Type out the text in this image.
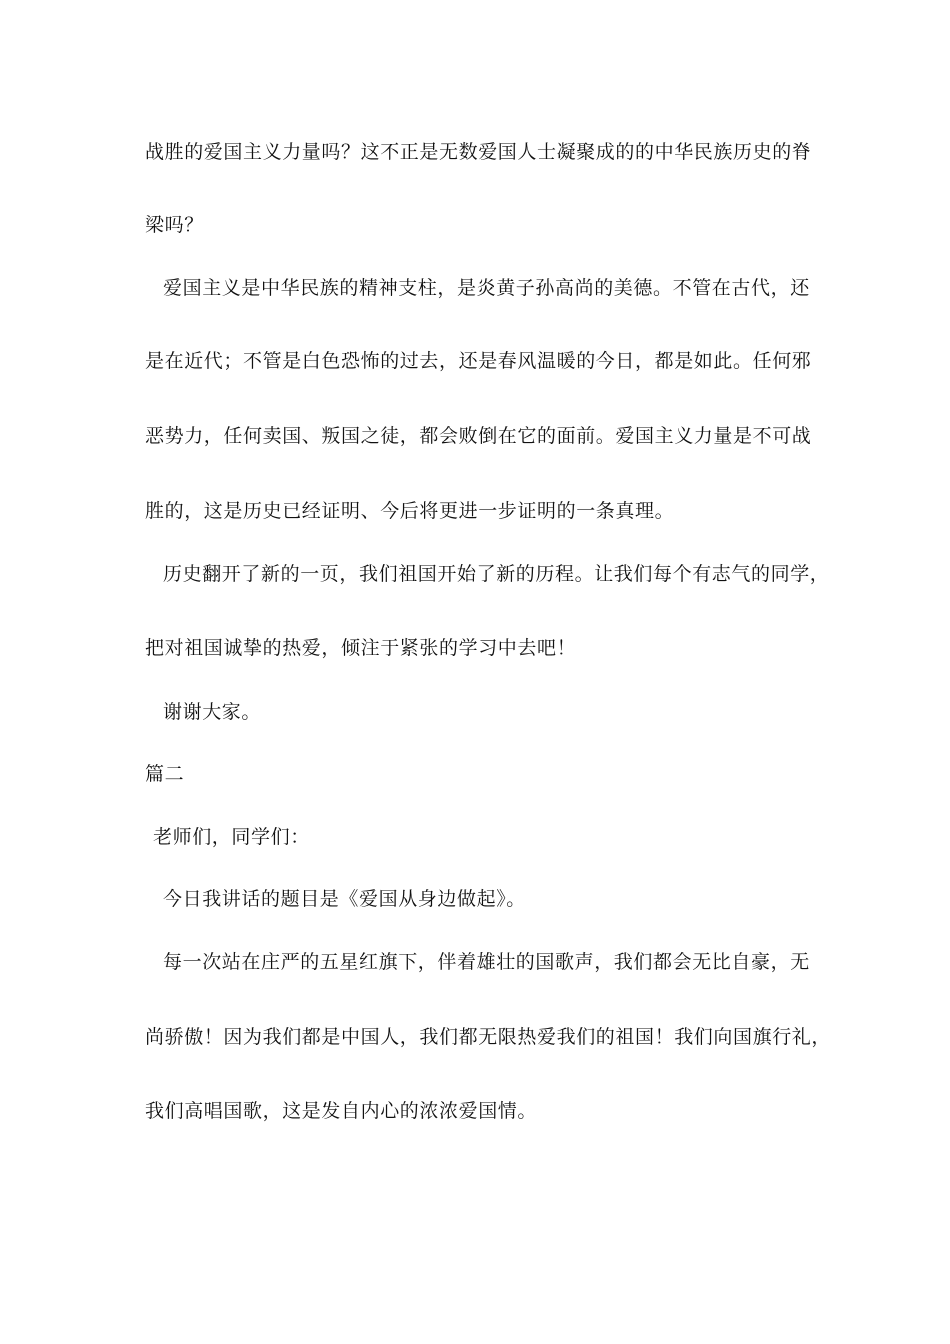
战胜的爱国主义力量吗？这不正是无数爱国人士凝聚成的的中华民族历史的脊
梁吗？
爱国主义是中华民族的精神支柱，是炎黄子孙高尚的美德。不管在古代，还
是在近代；不管是白色恐怖的过去，还是春风温暖的今日，都是如此。任何邪
恶势力，任何卖国、叛国之徒，都会败倒在它的面前。爱国主义力量是不可战
胜的，这是历史已经证明、今后将更进一步证明的一条真理。
历史翻开了新的一页，我们祖国开始了新的历程。让我们每个有志气的同学，
把对祖国诚挚的热爱，倾注于紧张的学习中去吧！
谢谢大家。
篇二
老师们，同学们：
今日我讲话的题目是《爱国从身边做起》。
每一次站在庄严的五星红旗下，伴着雄壮的国歌声，我们都会无比自豪，无
尚骄傲！因为我们都是中国人，我们都无限热爱我们的祖国！我们向国旗行礼，
我们高唱国歌，这是发自内心的浓浓爱国情。
